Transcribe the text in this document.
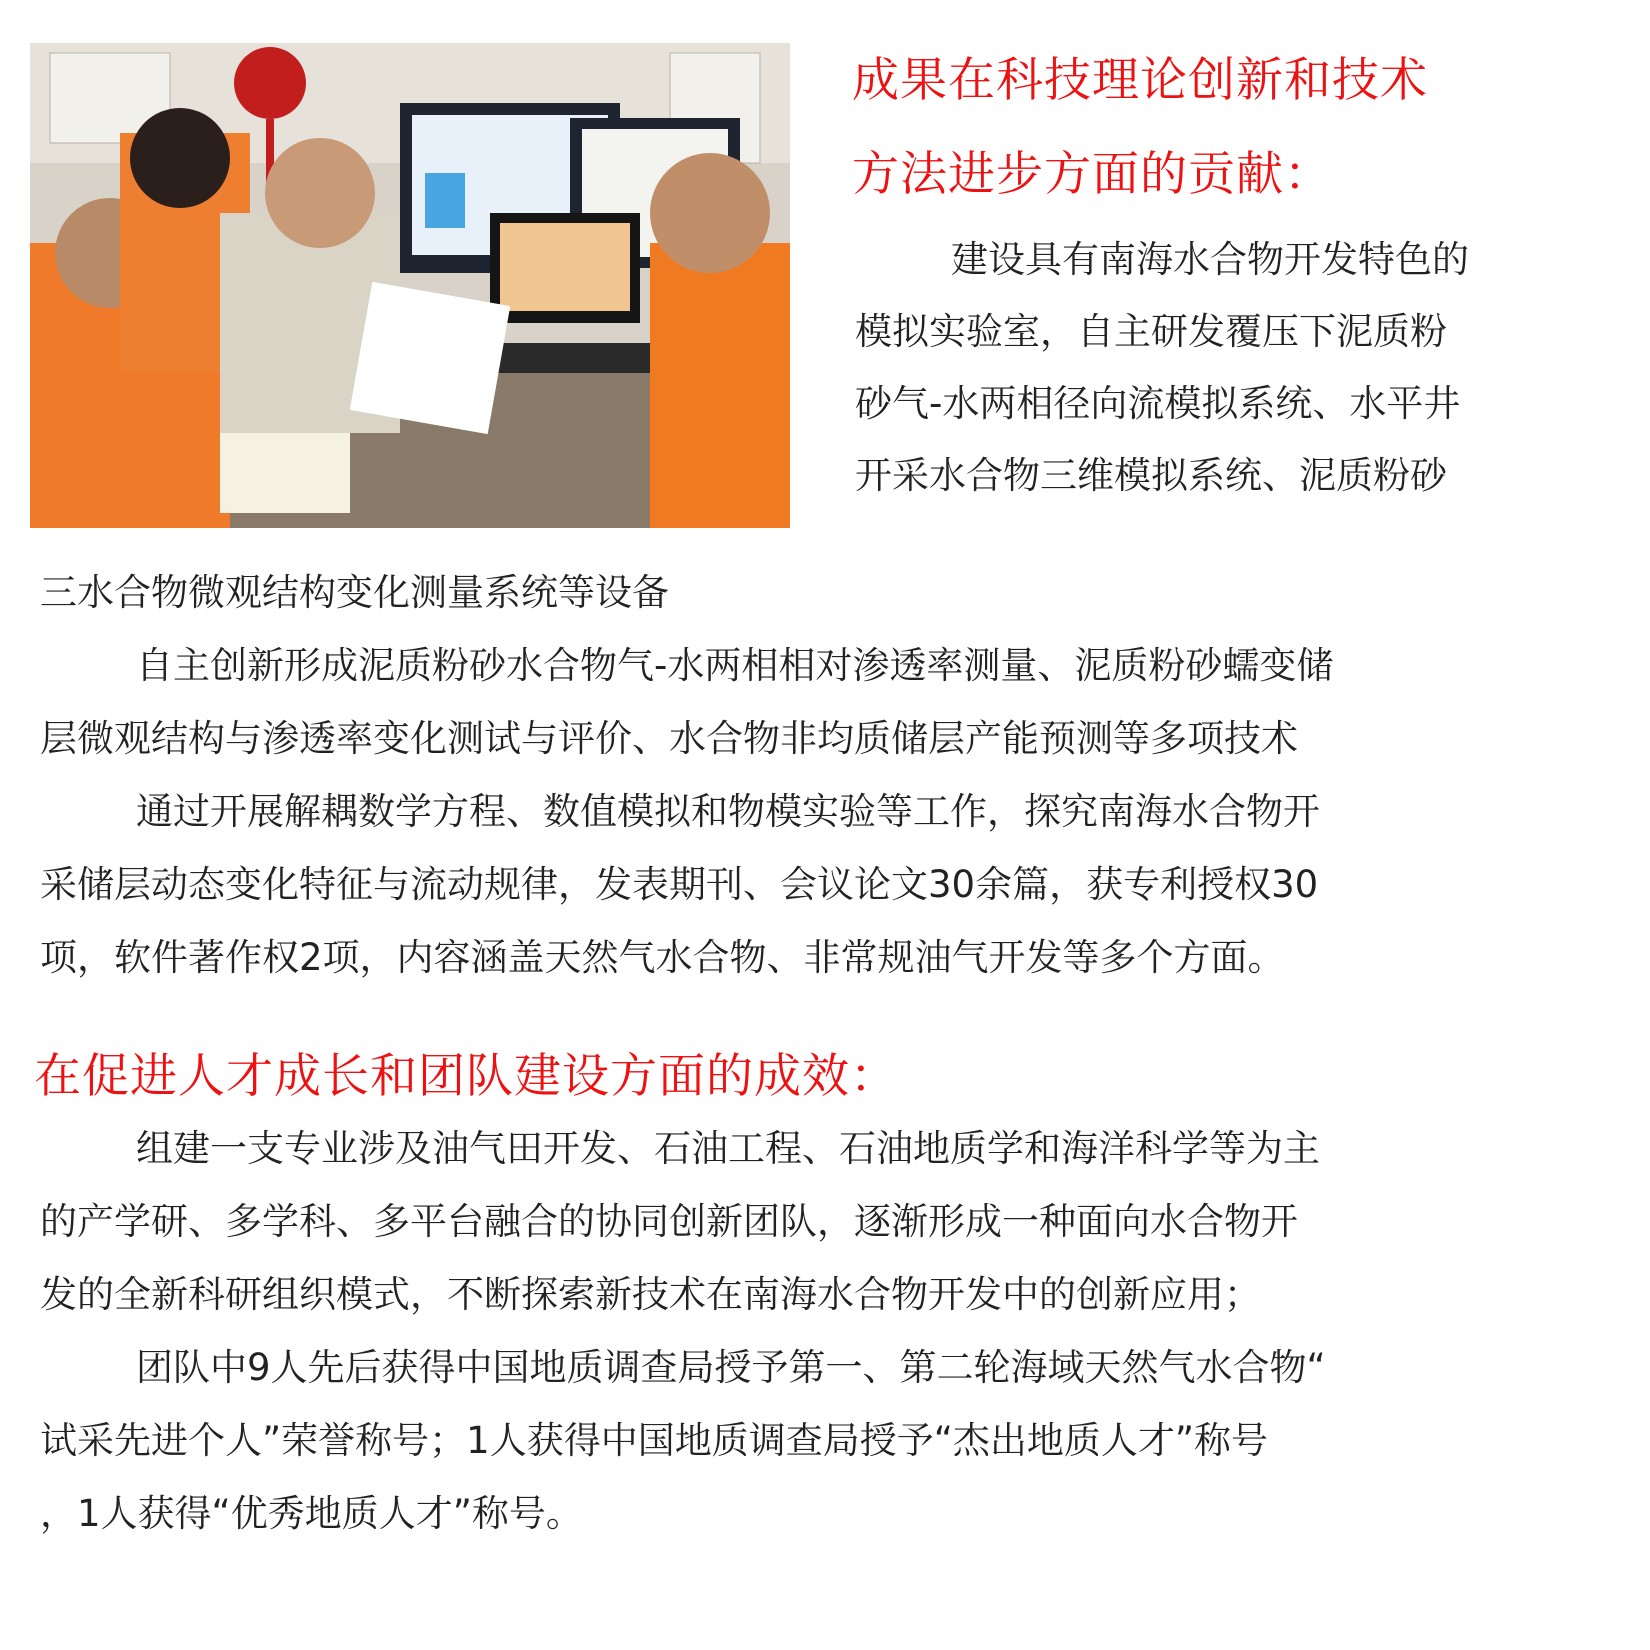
成果在科技理论创新和技术
方法进步方面的贡献：
建设具有南海水合物开发特色的
模拟实验室，自主研发覆压下泥质粉
砂气-水两相径向流模拟系统、水平井
开采水合物三维模拟系统、泥质粉砂
三水合物微观结构变化测量系统等设备
自主创新形成泥质粉砂水合物气-水两相相对渗透率测量、泥质粉砂蠕变储
层微观结构与渗透率变化测试与评价、水合物非均质储层产能预测等多项技术
通过开展解耦数学方程、数值模拟和物模实验等工作，探究南海水合物开
采储层动态变化特征与流动规律，发表期刊、会议论文30余篇，获专利授权30
项，软件著作权2项，内容涵盖天然气水合物、非常规油气开发等多个方面。
在促进人才成长和团队建设方面的成效：
组建一支专业涉及油气田开发、石油工程、石油地质学和海洋科学等为主
的产学研、多学科、多平台融合的协同创新团队，逐渐形成一种面向水合物开
发的全新科研组织模式，不断探索新技术在南海水合物开发中的创新应用；
团队中9人先后获得中国地质调查局授予第一、第二轮海域天然气水合物“
试采先进个人”荣誉称号；1人获得中国地质调查局授予“杰出地质人才”称号
，1人获得“优秀地质人才”称号。
